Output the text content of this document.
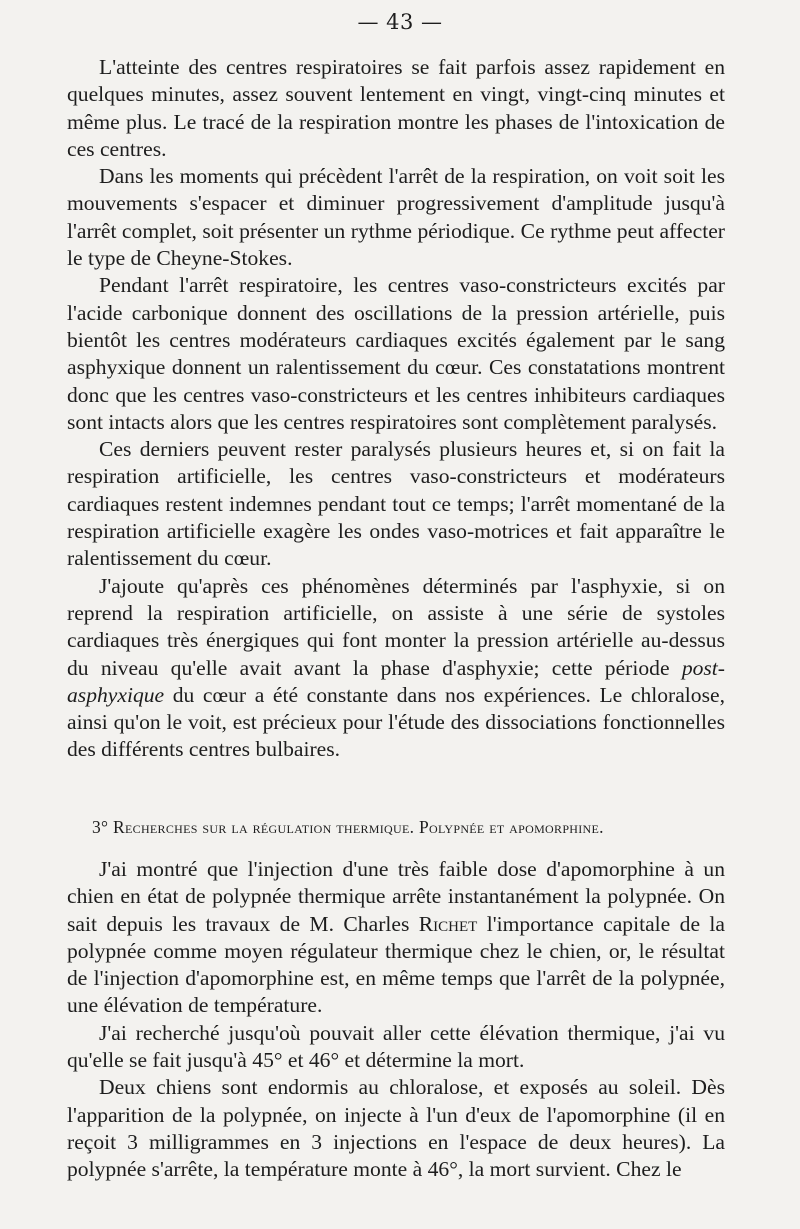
— 43 —

L'atteinte des centres respiratoires se fait parfois assez rapidement en quelques minutes, assez souvent lentement en vingt, vingt-cinq minutes et même plus. Le tracé de la respiration montre les phases de l'intoxication de ces centres.

Dans les moments qui précèdent l'arrêt de la respiration, on voit soit les mouvements s'espacer et diminuer progressivement d'amplitude jusqu'à l'arrêt complet, soit présenter un rythme périodique. Ce rythme peut affecter le type de Cheyne-Stokes.

Pendant l'arrêt respiratoire, les centres vaso-constricteurs excités par l'acide carbonique donnent des oscillations de la pression artérielle, puis bientôt les centres modérateurs cardiaques excités également par le sang asphyxique donnent un ralentissement du cœur. Ces constatations montrent donc que les centres vaso-constricteurs et les centres inhibiteurs cardiaques sont intacts alors que les centres respiratoires sont complètement paralysés.

Ces derniers peuvent rester paralysés plusieurs heures et, si on fait la respiration artificielle, les centres vaso-constricteurs et modérateurs cardiaques restent indemnes pendant tout ce temps; l'arrêt momentané de la respiration artificielle exagère les ondes vaso-motrices et fait apparaître le ralentissement du cœur.

J'ajoute qu'après ces phénomènes déterminés par l'asphyxie, si on reprend la respiration artificielle, on assiste à une série de systoles cardiaques très énergiques qui font monter la pression artérielle au-dessus du niveau qu'elle avait avant la phase d'asphyxie; cette période post-asphyxique du cœur a été constante dans nos expériences. Le chloralose, ainsi qu'on le voit, est précieux pour l'étude des dissociations fonctionnelles des différents centres bulbaires.

3° Recherches sur la régulation thermique. Polypnée et apomorphine.

J'ai montré que l'injection d'une très faible dose d'apomorphine à un chien en état de polypnée thermique arrête instantanément la polypnée. On sait depuis les travaux de M. Charles Richet l'importance capitale de la polypnée comme moyen régulateur thermique chez le chien, or, le résultat de l'injection d'apomorphine est, en même temps que l'arrêt de la polypnée, une élévation de température.

J'ai recherché jusqu'où pouvait aller cette élévation thermique, j'ai vu qu'elle se fait jusqu'à 45° et 46° et détermine la mort.

Deux chiens sont endormis au chloralose, et exposés au soleil. Dès l'apparition de la polypnée, on injecte à l'un d'eux de l'apomorphine (il en reçoit 3 milligrammes en 3 injections en l'espace de deux heures). La polypnée s'arrête, la température monte à 46°, la mort survient. Chez le
